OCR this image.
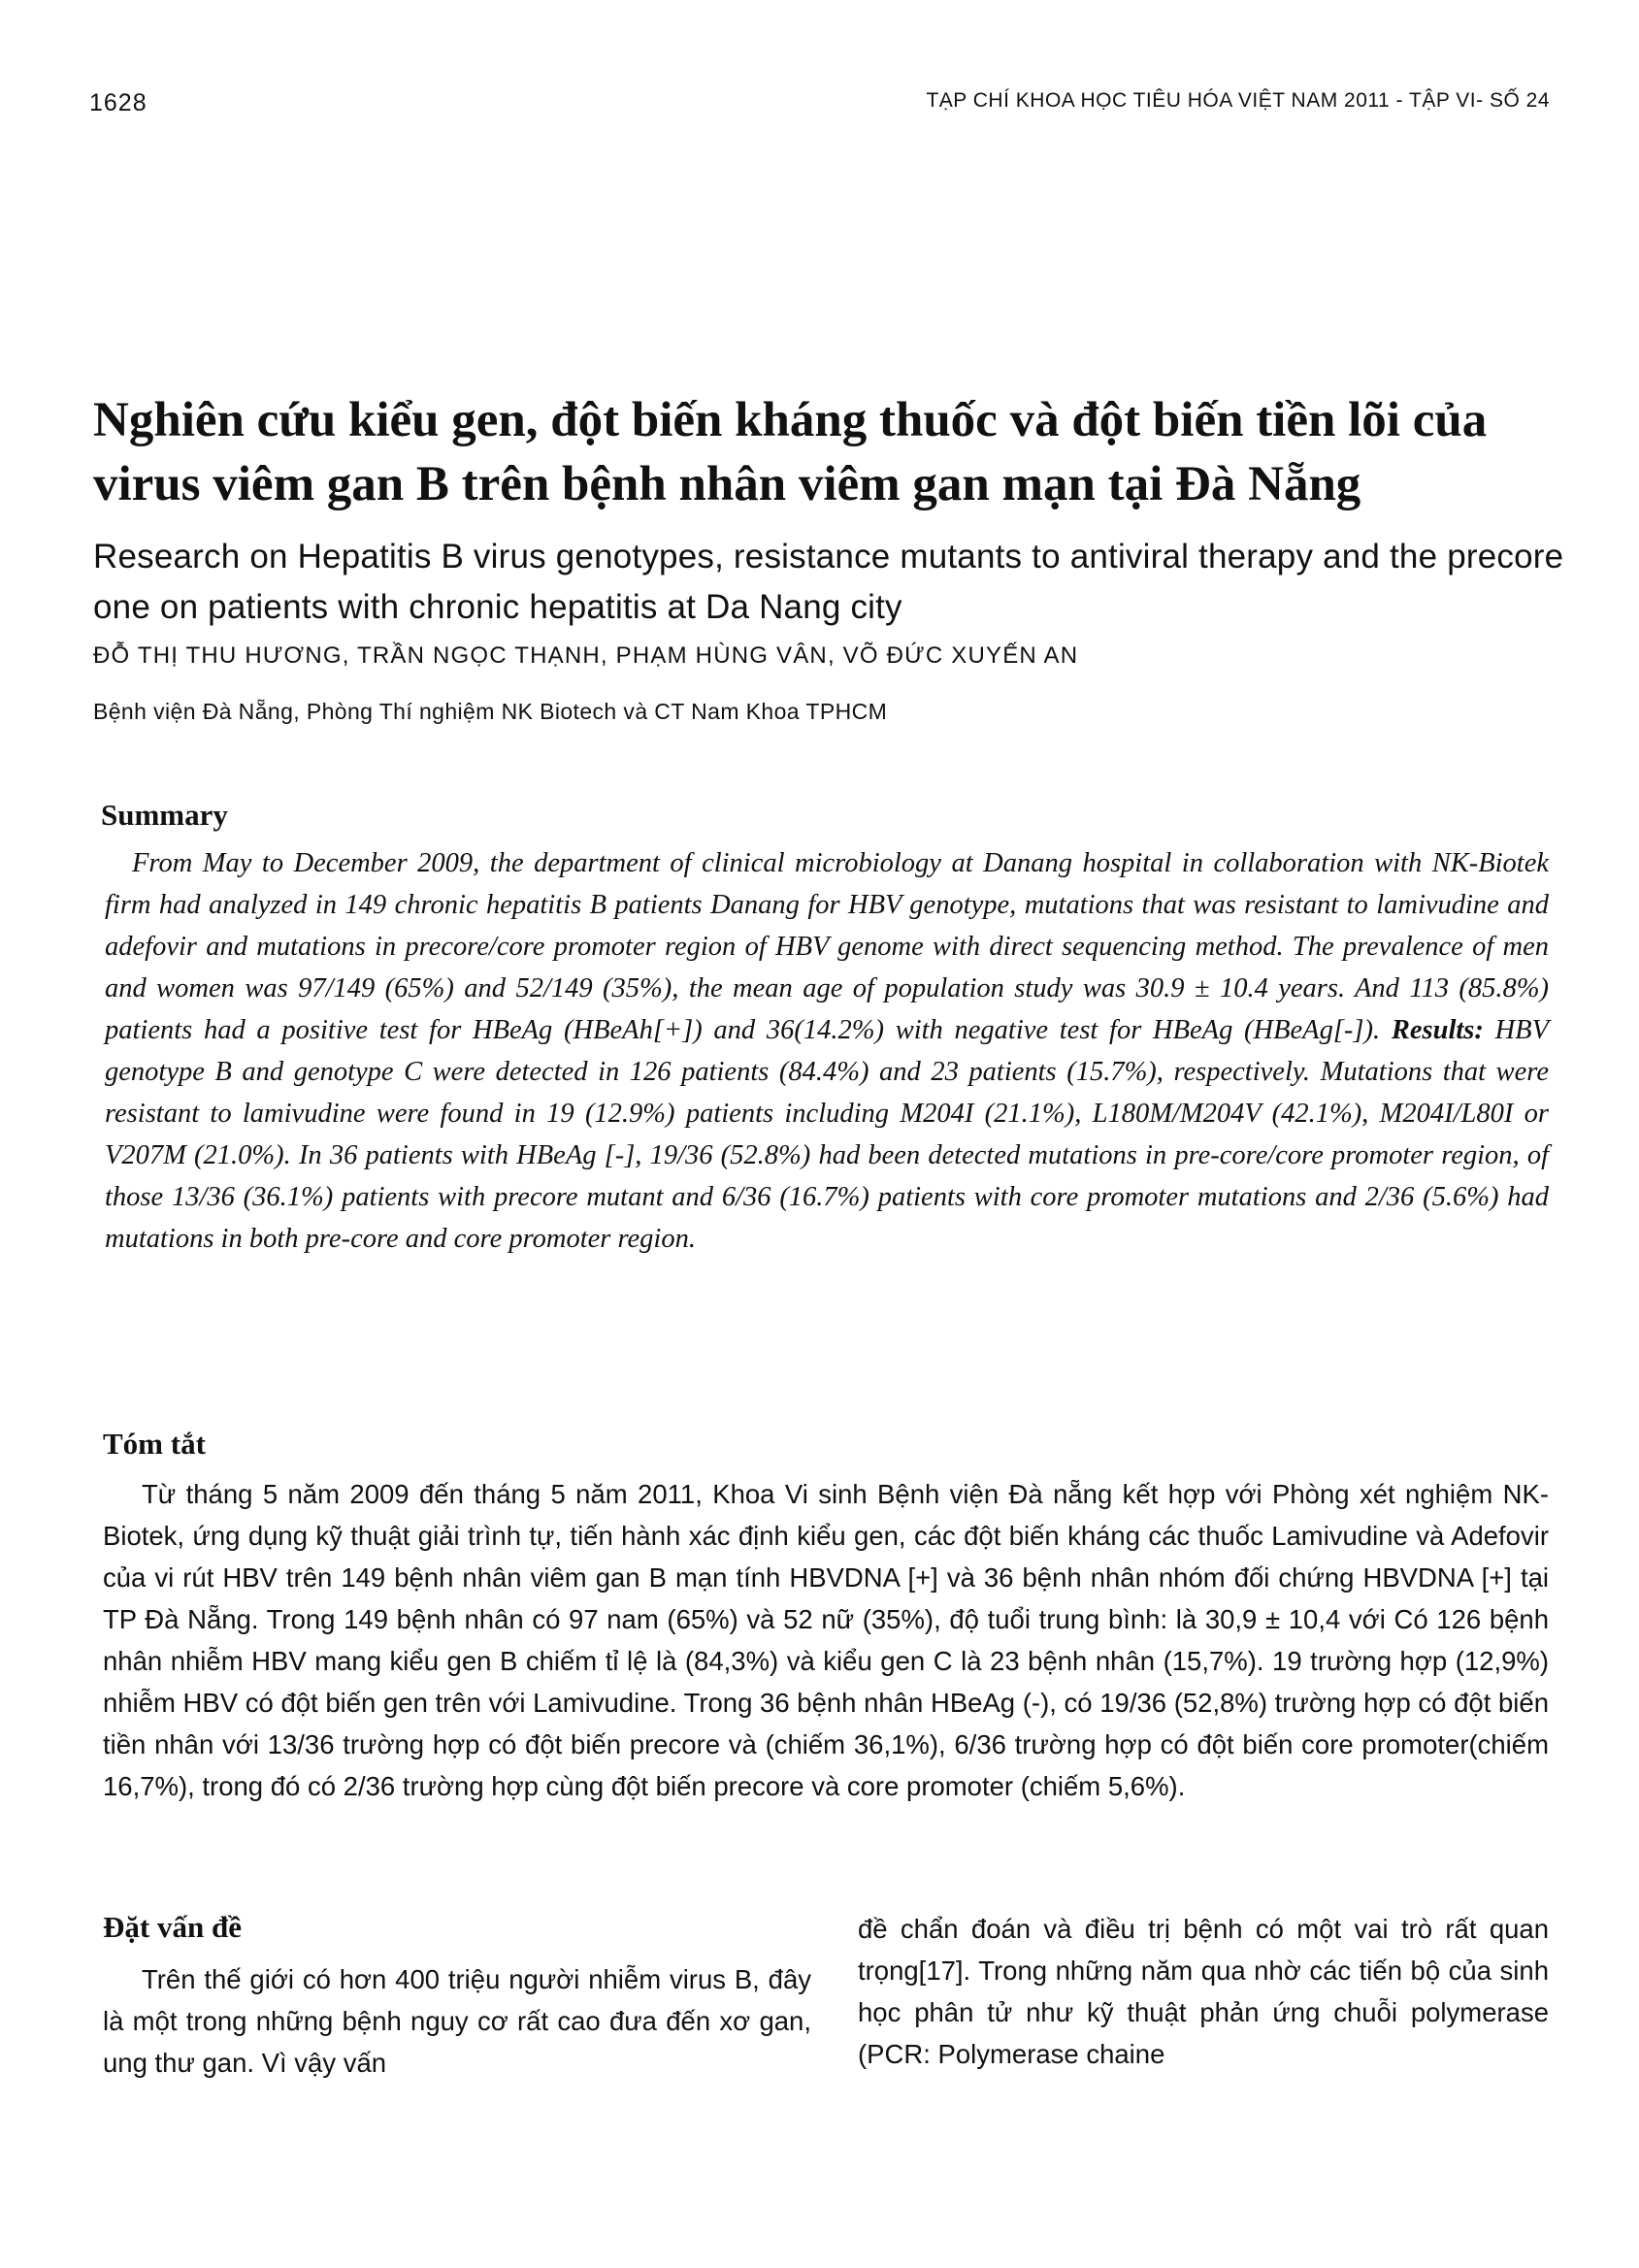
1628	TẠP CHÍ KHOA HỌC TIÊU HÓA VIỆT NAM 2011 - TẬP VI- SỐ 24
Nghiên cứu kiểu gen, đột biến kháng thuốc và đột biến tiền lõi của virus viêm gan B trên bệnh nhân viêm gan mạn tại Đà Nẵng
Research on Hepatitis B virus genotypes, resistance mutants to antiviral therapy and the precore one on patients with chronic hepatitis at Da Nang city
ĐỖ THỊ THU HƯƠNG, TRẦN NGỌC THẠNH, PHẠM HÙNG VÂN, VÕ ĐỨC XUYẾN AN
Bệnh viện Đà Nẵng, Phòng Thí nghiệm NK Biotech và CT Nam Khoa TPHCM
Summary

From May to December 2009, the department of clinical microbiology at Danang hospital in collaboration with NK-Biotek firm had analyzed in 149 chronic hepatitis B patients Danang for HBV genotype, mutations that was resistant to lamivudine and adefovir and mutations in precore/core promoter region of HBV genome with direct sequencing method. The prevalence of men and women was 97/149 (65%) and 52/149 (35%), the mean age of population study was 30.9 ± 10.4 years. And 113 (85.8%) patients had a positive test for HBeAg (HBeAh[+]) and 36(14.2%) with negative test for HBeAg (HBeAg[-]). Results: HBV genotype B and genotype C were detected in 126 patients (84.4%) and 23 patients (15.7%), respectively. Mutations that were resistant to lamivudine were found in 19 (12.9%) patients including M204I (21.1%), L180M/M204V (42.1%), M204I/L80I or V207M (21.0%). In 36 patients with HBeAg [-], 19/36 (52.8%) had been detected mutations in pre-core/core promoter region, of those 13/36 (36.1%) patients with precore mutant and 6/36 (16.7%) patients with core promoter mutations and 2/36 (5.6%) had mutations in both pre-core and core promoter region.

Tóm tắt

Từ tháng 5 năm 2009 đến tháng 5 năm 2011, Khoa Vi sinh Bệnh viện Đà nẵng kết hợp với Phòng xét nghiệm NK-Biotek, ứng dụng kỹ thuật giải trình tự, tiến hành xác định kiểu gen, các đột biến kháng các thuốc Lamivudine và Adefovir của vi rút HBV trên 149 bệnh nhân viêm gan B mạn tính HBVDNA [+] và 36 bệnh nhân nhóm đối chứng HBVDNA [+] tại TP Đà Nẵng. Trong 149 bệnh nhân có 97 nam (65%) và 52 nữ (35%), độ tuổi trung bình: là 30,9 ± 10,4 với Có 126 bệnh nhân nhiễm HBV mang kiểu gen B chiếm tỉ lệ là (84,3%) và kiểu gen C là 23 bệnh nhân (15,7%). 19 trường hợp (12,9%) nhiễm HBV có đột biến gen trên với Lamivudine. Trong 36 bệnh nhân HBeAg (-), có 19/36 (52,8%) trường hợp có đột biến tiền nhân với 13/36 trường hợp có đột biến precore và (chiếm 36,1%), 6/36 trường hợp có đột biến core promoter(chiếm 16,7%), trong đó có 2/36 trường hợp cùng đột biến precore và core promoter (chiếm 5,6%).

Đặt vấn đề

Trên thế giới có hơn 400 triệu người nhiễm virus B, đây là một trong những bệnh nguy cơ rất cao đưa đến xơ gan, ung thư gan. Vì vậy vấn

đề chẩn đoán và điều trị bệnh có một vai trò rất quan trọng[17]. Trong những năm qua nhờ các tiến bộ của sinh học phân tử như kỹ thuật phản ứng chuỗi polymerase (PCR: Polymerase chaine
